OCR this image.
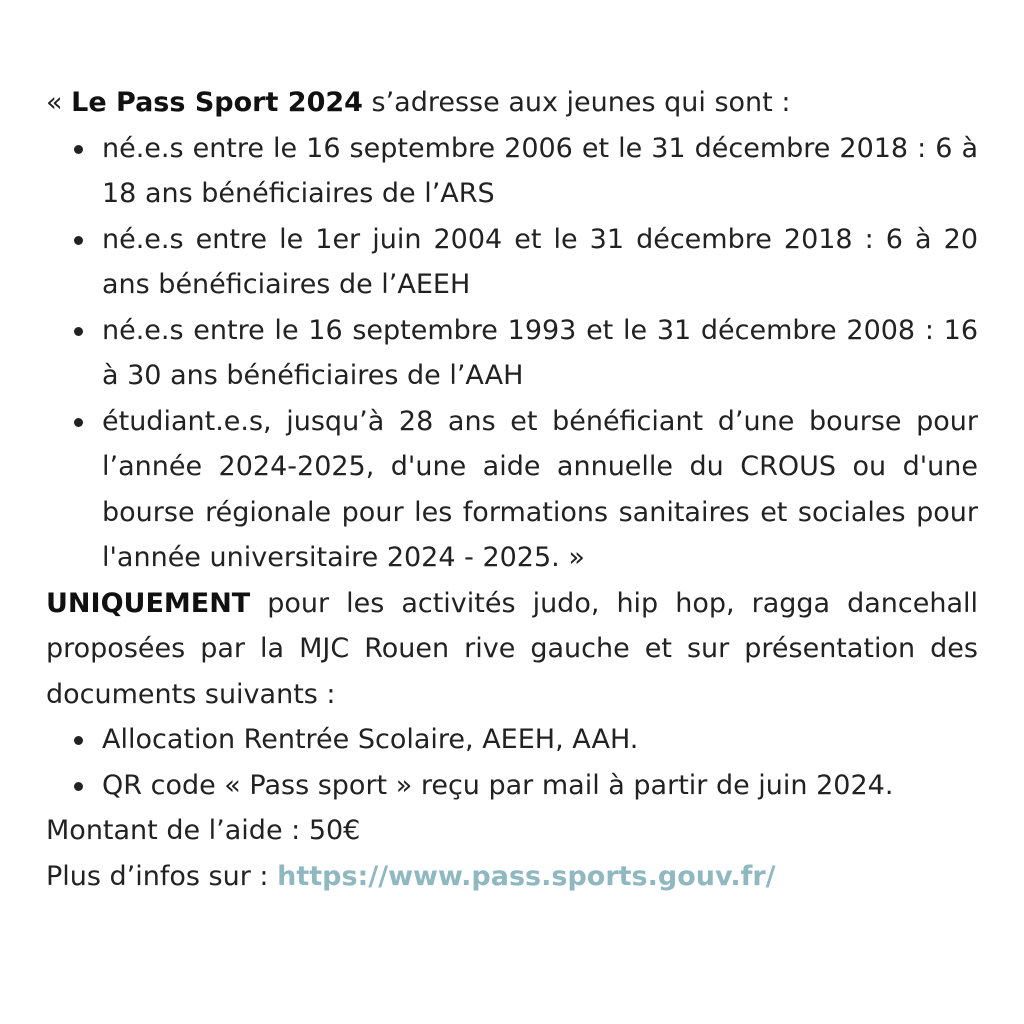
« Le Pass Sport 2024 s’adresse aux jeunes qui sont :

né.e.s entre le 16 septembre 2006 et le 31 décembre 2018 : 6 à 18 ans bénéficiaires de l’ARS
né.e.s entre le 1er juin 2004 et le 31 décembre 2018 : 6 à 20 ans bénéficiaires de l’AEEH
né.e.s entre le 16 septembre 1993 et le 31 décembre 2008 : 16 à 30 ans bénéficiaires de l’AAH
étudiant.e.s, jusqu’à 28 ans et bénéficiant d’une bourse pour l’année 2024-2025, d'une aide annuelle du CROUS ou d'une bourse régionale pour les formations sanitaires et sociales pour l'année universitaire 2024 - 2025. »

UNIQUEMENT pour les activités judo, hip hop, ragga dancehall proposées par la MJC Rouen rive gauche et sur présentation des documents suivants :

Allocation Rentrée Scolaire, AEEH, AAH.
QR code « Pass sport » reçu par mail à partir de juin 2024.

Montant de l’aide : 50€

Plus d’infos sur : https://www.pass.sports.gouv.fr/
